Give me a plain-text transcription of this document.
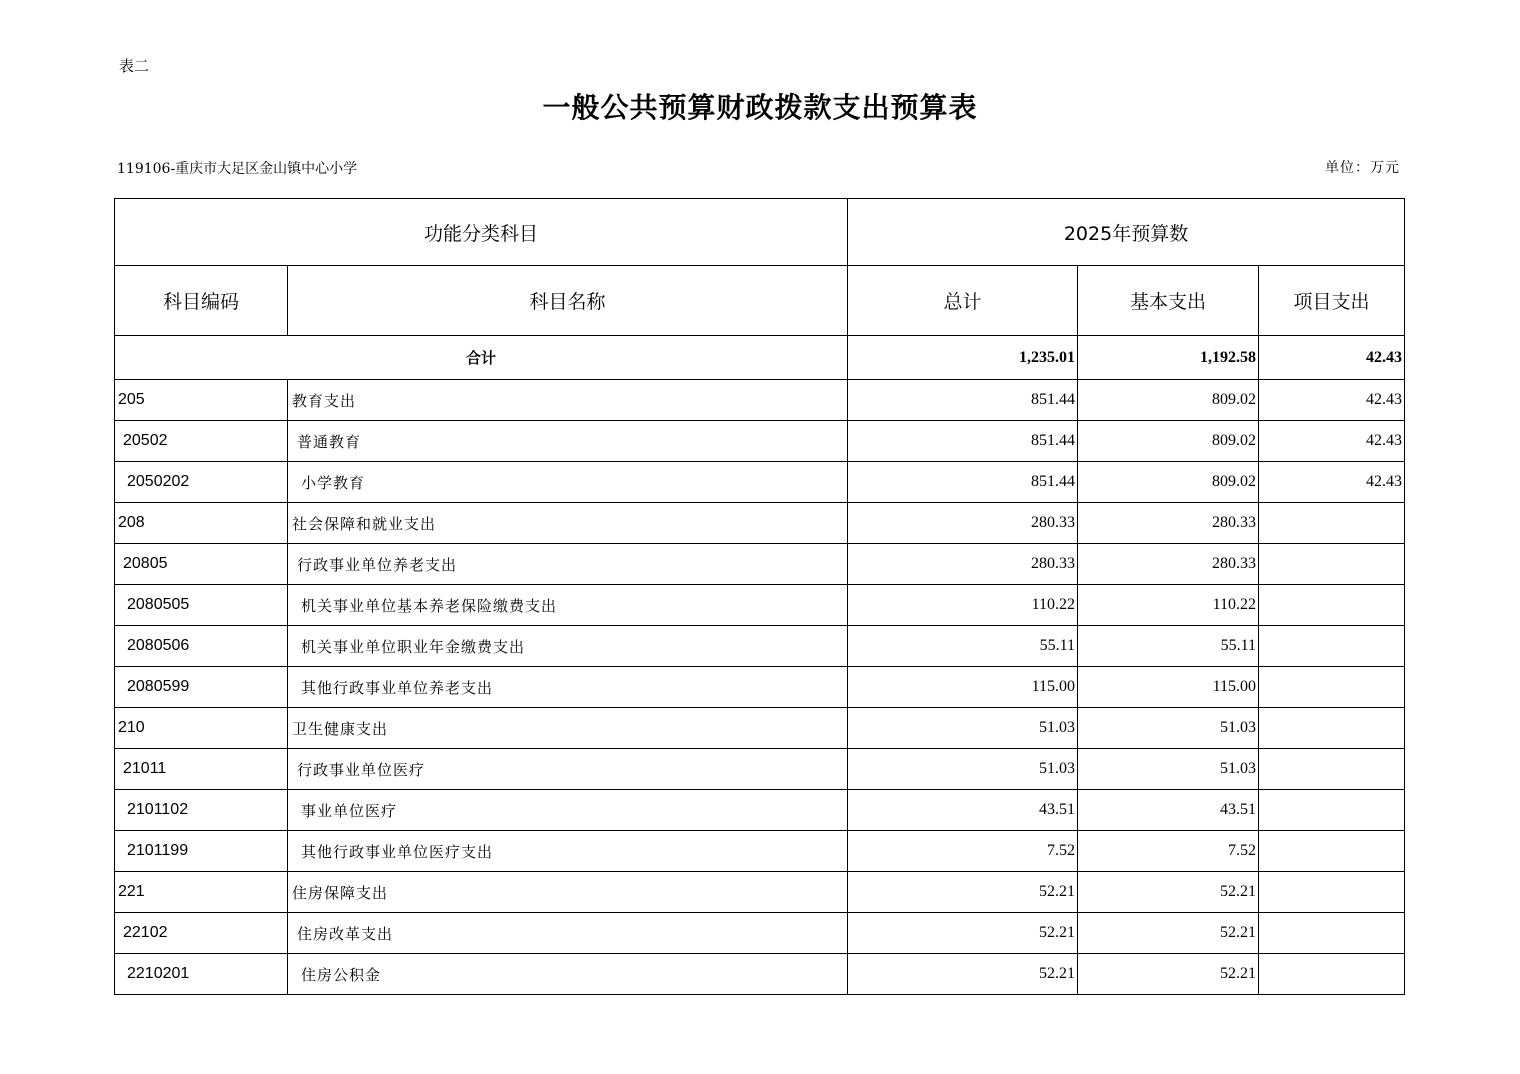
表二
一般公共预算财政拨款支出预算表
119106-重庆市大足区金山镇中心小学	单位：万元
功能分类科目		2025年预算数		
科目编码	科目名称	总计	基本支出	项目支出
合计		1,235.01	1,192.58	42.43
205	教育支出	851.44	809.02	42.43
20502	普通教育	851.44	809.02	42.43
2050202	小学教育	851.44	809.02	42.43
208	社会保障和就业支出	280.33	280.33	
20805	行政事业单位养老支出	280.33	280.33	
2080505	机关事业单位基本养老保险缴费支出	110.22	110.22	
2080506	机关事业单位职业年金缴费支出	55.11	55.11	
2080599	其他行政事业单位养老支出	115.00	115.00	
210	卫生健康支出	51.03	51.03	
21011	行政事业单位医疗	51.03	51.03	
2101102	事业单位医疗	43.51	43.51	
2101199	其他行政事业单位医疗支出	7.52	7.52	
221	住房保障支出	52.21	52.21	
22102	住房改革支出	52.21	52.21	
2210201	住房公积金	52.21	52.21	
